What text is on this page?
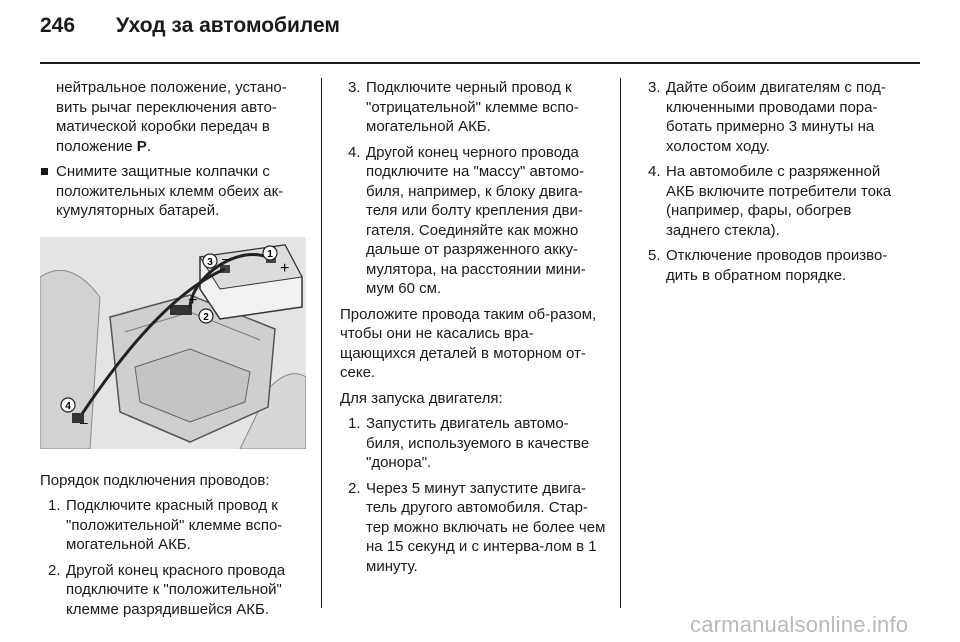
246	Уход за автомобилем

нейтральное положение, устано-вить рычаг переключения авто-матической коробки передач в положение P.

Снимите защитные колпачки с положительных клемм обеих ак-кумуляторных батарей.
1
2
3
4
+
+
–
–

Порядок подключения проводов:

1. Подключите красный провод к "положительной" клемме вспо-могательной АКБ.
2. Другой конец красного провода подключите к "положительной" клемме разрядившейся АКБ.
3. Подключите черный провод к "отрицательной" клемме вспо-могательной АКБ.
4. Другой конец черного провода подключите на "массу" автомо-биля, например, к блоку двига-теля или болту крепления дви-гателя. Соединяйте как можно дальше от разряженного акку-мулятора, на расстоянии мини-мум 60 см.

Проложите провода таким об-разом, чтобы они не касались вра-щающихся деталей в моторном от-секе.

Для запуска двигателя:

1. Запустить двигатель автомо-биля, используемого в качестве "донора".
2. Через 5 минут запустите двига-тель другого автомобиля. Стар-тер можно включать не более чем на 15 секунд и с интерва-лом в 1 минуту.
3. Дайте обоим двигателям с под-ключенными проводами пора-ботать примерно 3 минуты на холостом ходу.
4. На автомобиле с разряженной АКБ включите потребители тока (например, фары, обогрев заднего стекла).
5. Отключение проводов произво-дить в обратном порядке.
carmanualsonline.info
